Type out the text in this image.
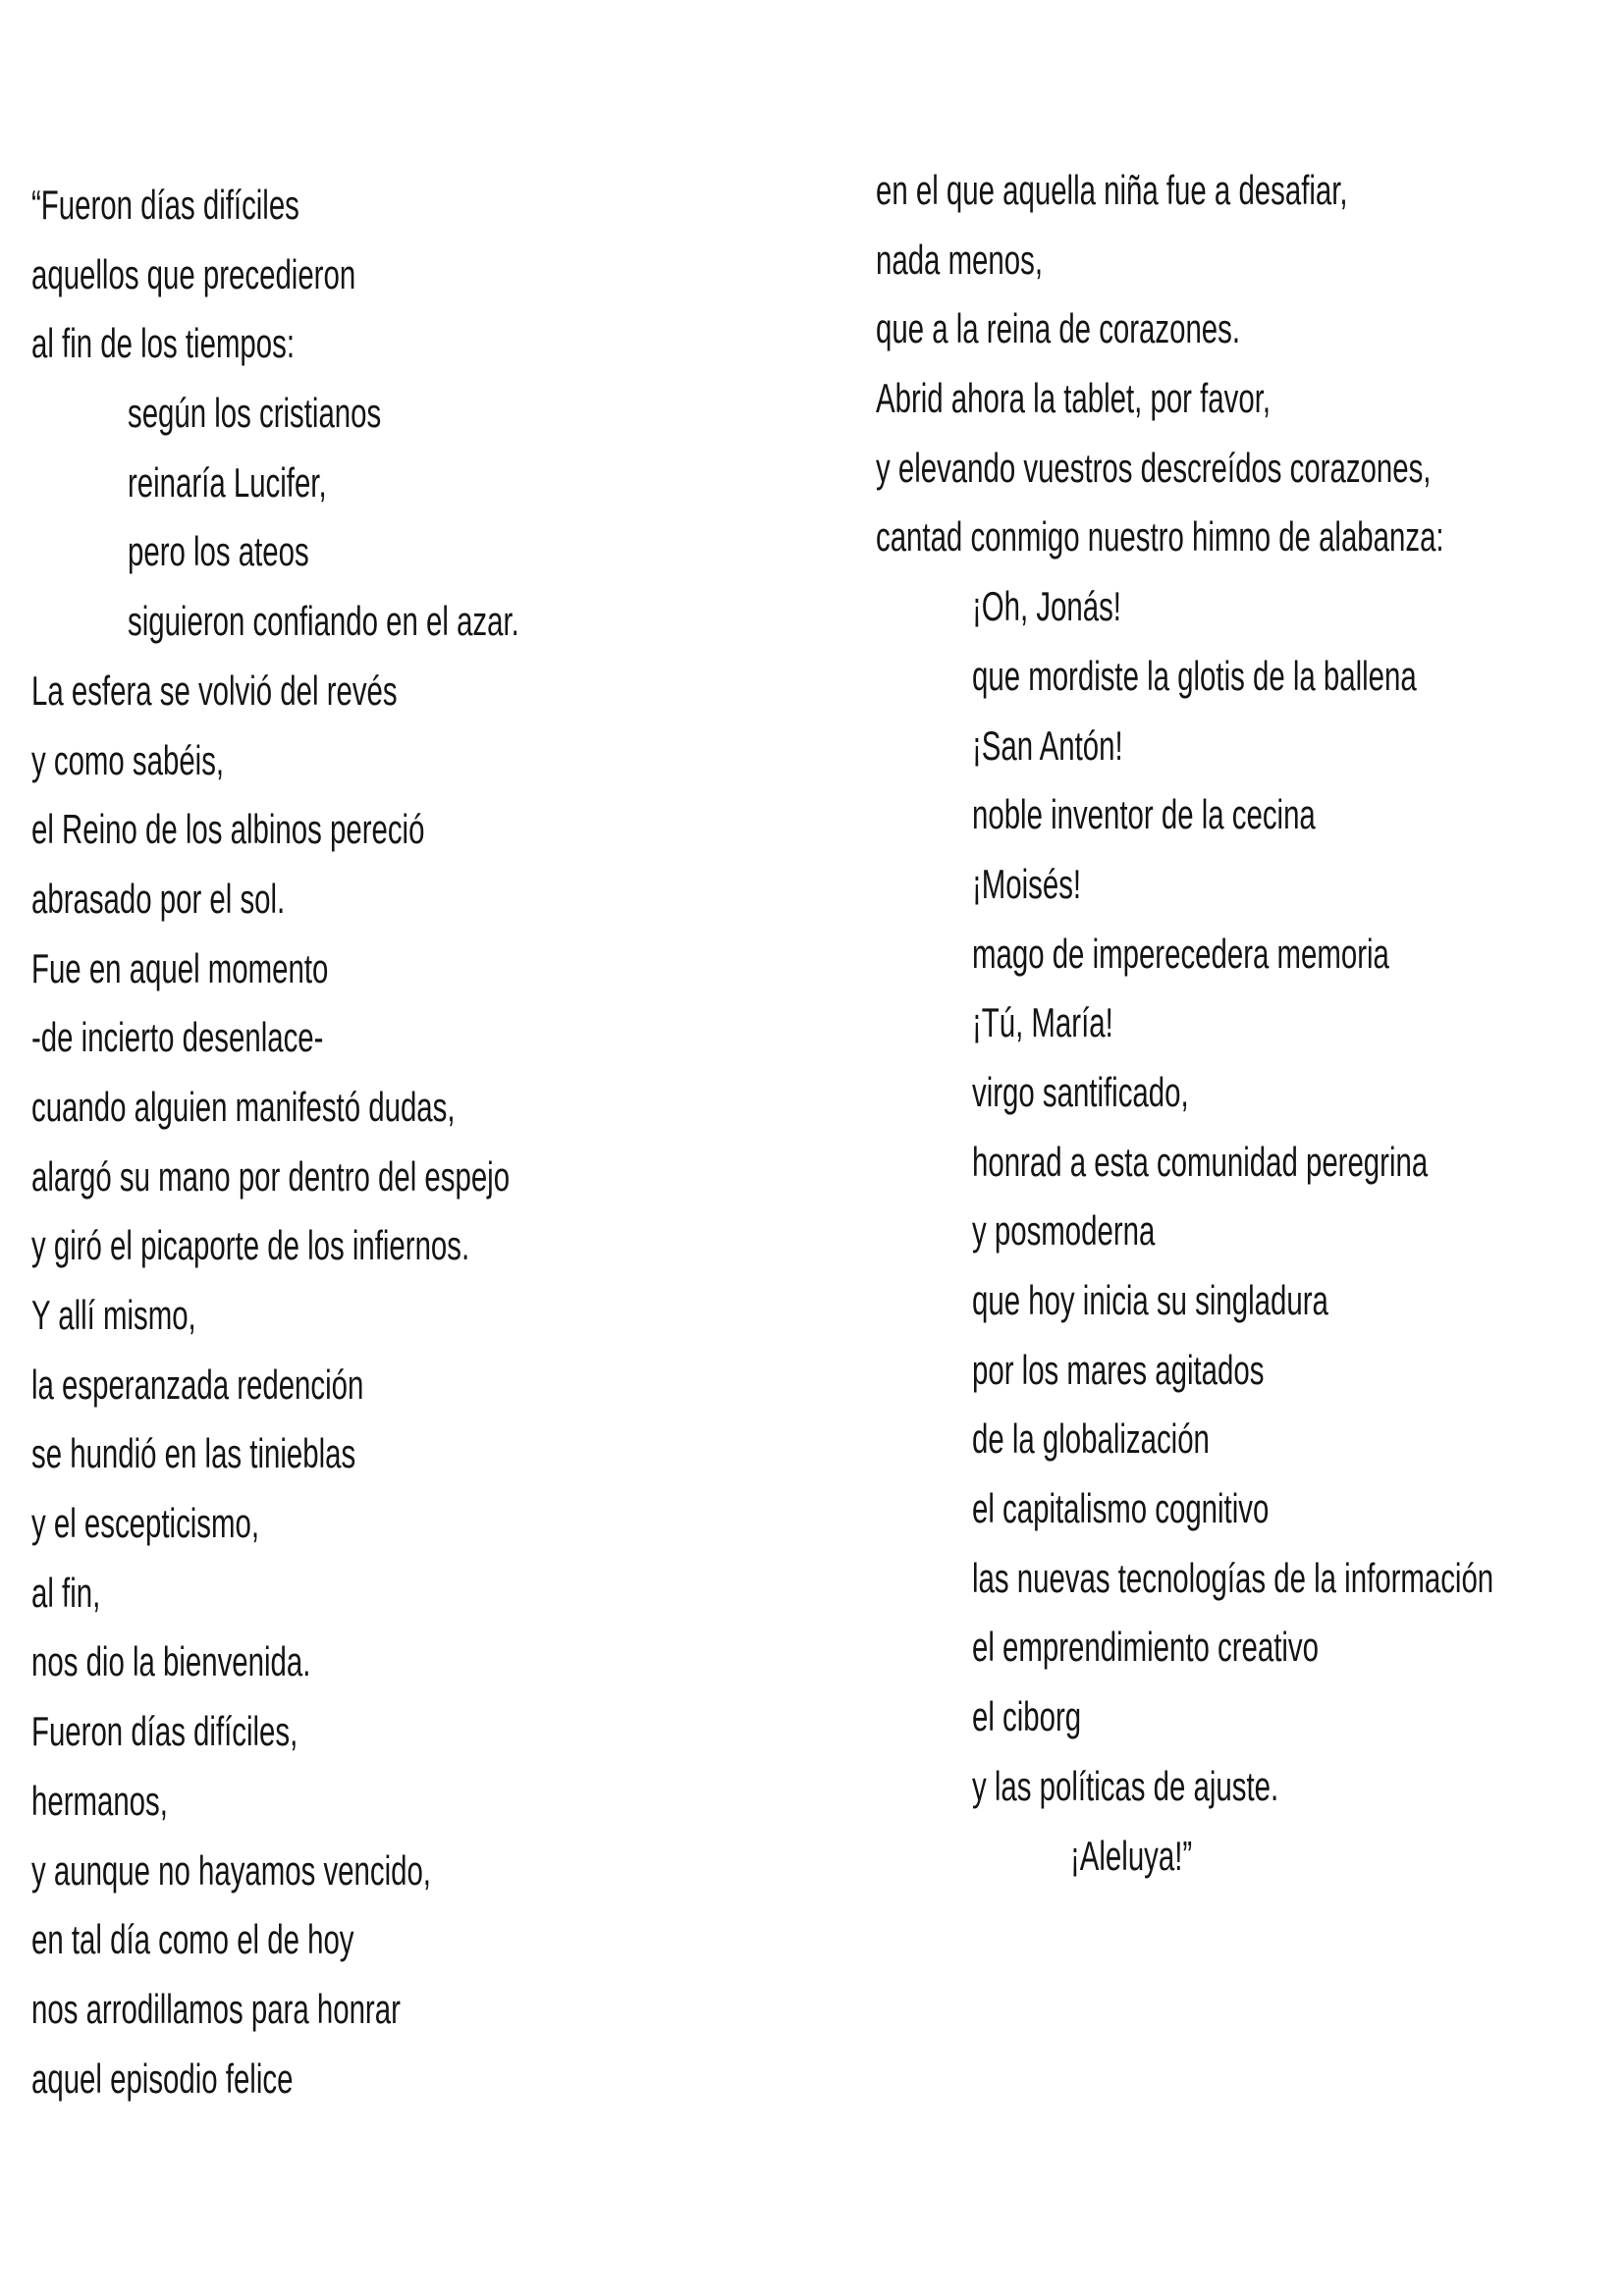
“Fueron días difíciles
aquellos que precedieron
al fin de los tiempos:
según los cristianos
reinaría Lucifer,
pero los ateos
siguieron confiando en el azar.
La esfera se volvió del revés
y como sabéis,
el Reino de los albinos pereció
abrasado por el sol.
Fue en aquel momento
-de incierto desenlace-
cuando alguien manifestó dudas,
alargó su mano por dentro del espejo
y giró el picaporte de los infiernos.
Y allí mismo,
la esperanzada redención
se hundió en las tinieblas
y el escepticismo,
al fin,
nos dio la bienvenida.
Fueron días difíciles,
hermanos,
y aunque no hayamos vencido,
en tal día como el de hoy
nos arrodillamos para honrar
aquel episodio felice
en el que aquella niña fue a desafiar,
nada menos,
que a la reina de corazones.
Abrid ahora la tablet, por favor,
y elevando vuestros descreídos corazones,
cantad conmigo nuestro himno de alabanza:
¡Oh, Jonás!
que mordiste la glotis de la ballena
¡San Antón!
noble inventor de la cecina
¡Moisés!
mago de imperecedera memoria
¡Tú, María!
virgo santificado,
honrad a esta comunidad peregrina
y posmoderna
que hoy inicia su singladura
por los mares agitados
de la globalización
el capitalismo cognitivo
las nuevas tecnologías de la información
el emprendimiento creativo
el ciborg
y las políticas de ajuste.
¡Aleluya!”
